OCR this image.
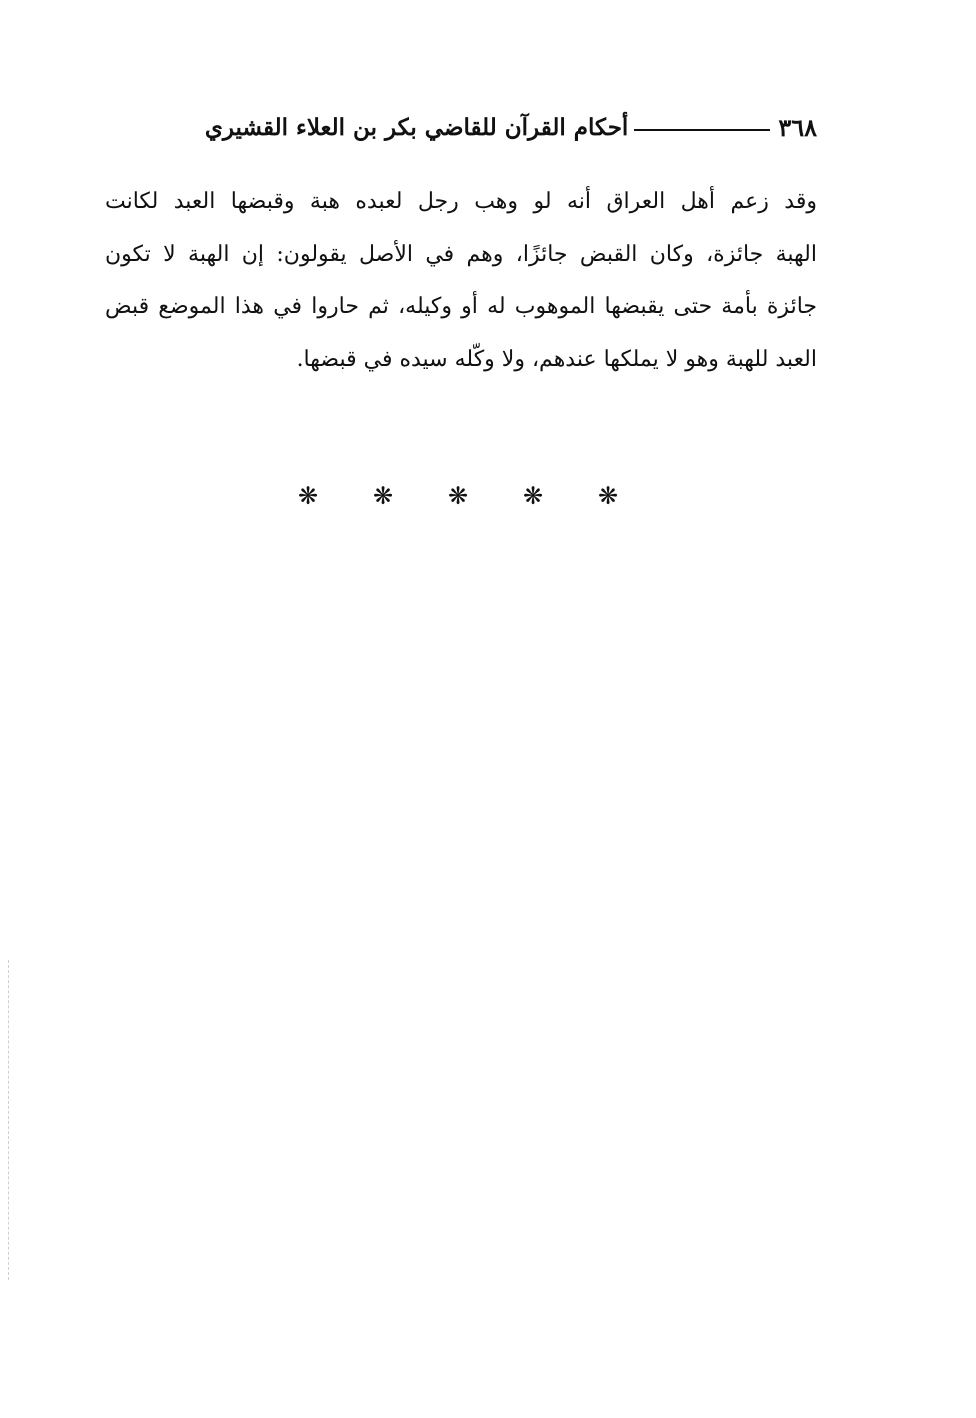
٣٦٨
أحكام القرآن للقاضي بكر بن العلاء القشيري
وقد زعم أهل العراق أنه لو وهب رجل لعبده هبة وقبضها العبد لكانت
الهبة جائزة، وكان القبض جائزًا، وهم في الأصل يقولون: إن الهبة لا تكون
جائزة بأمة حتى يقبضها الموهوب له أو وكيله، ثم حاروا في هذا الموضع قبض
العبد للهبة وهو لا يملكها عندهم، ولا وكّله سيده في قبضها.
❋	❋	❋	❋	❋
